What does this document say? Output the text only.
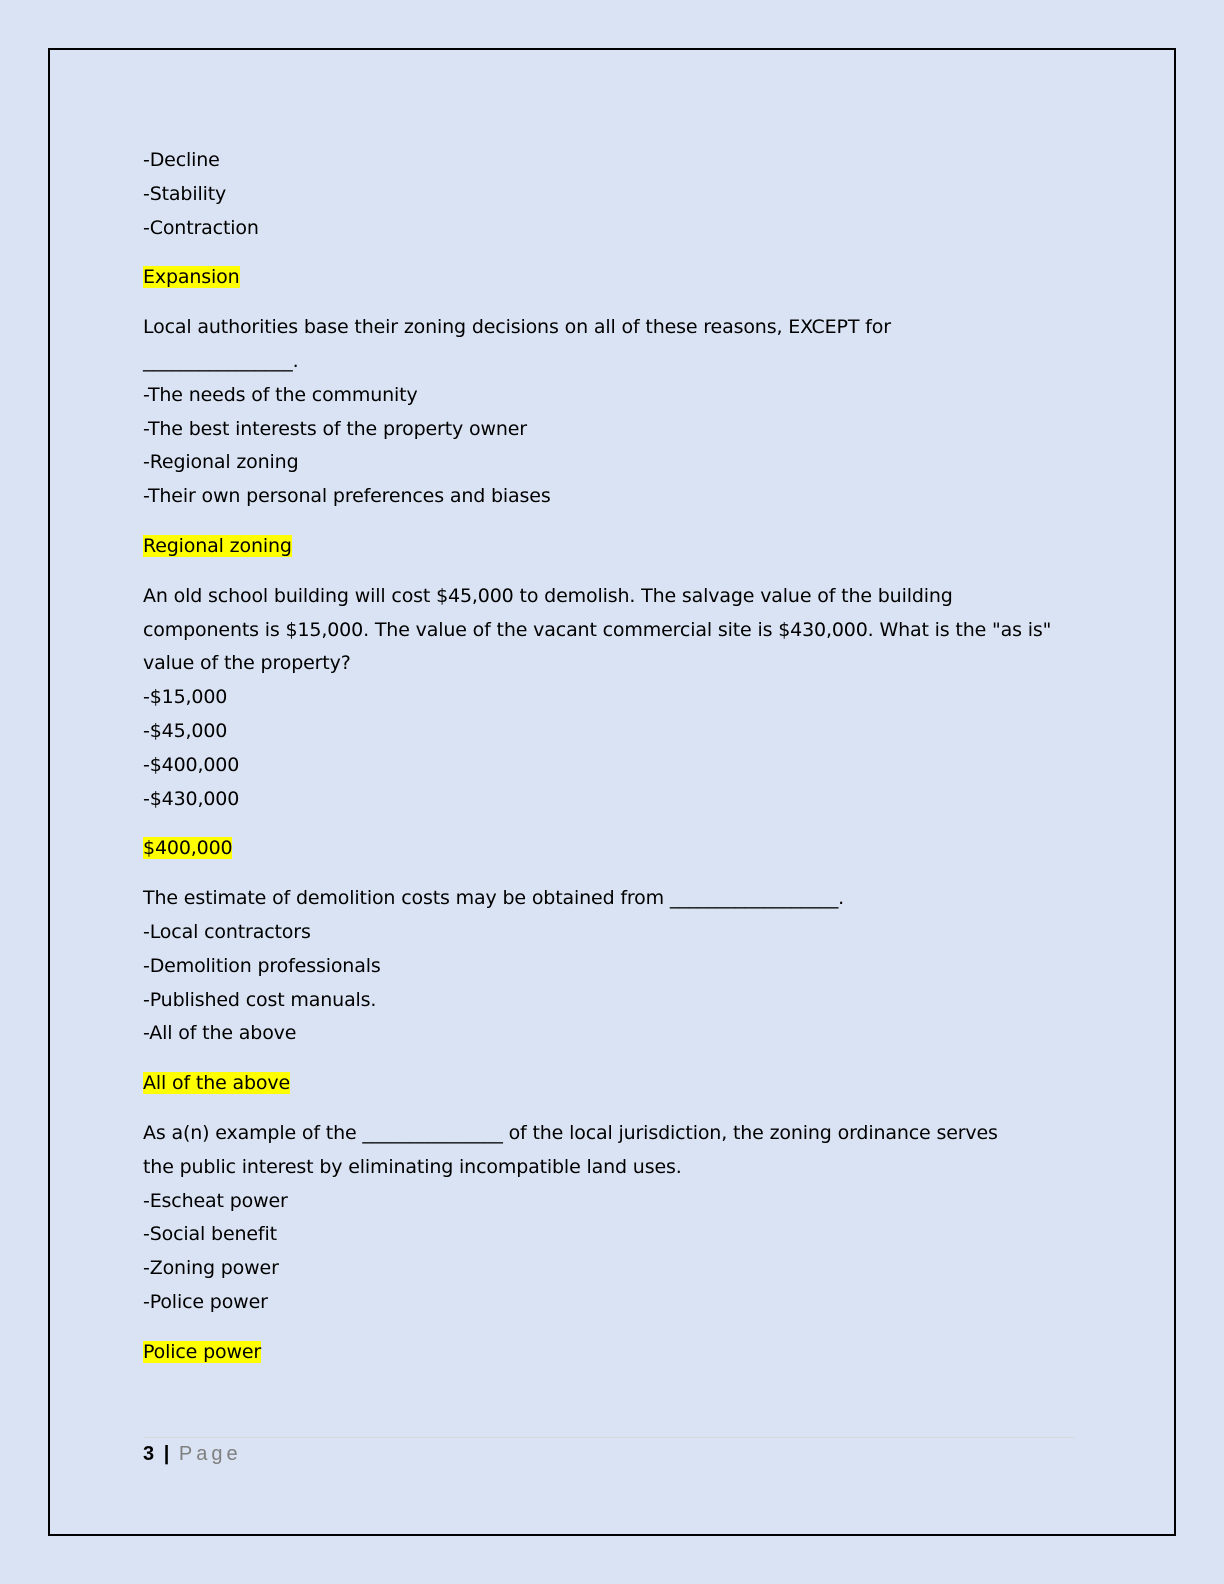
-Decline
-Stability
-Contraction
Expansion
Local authorities base their zoning decisions on all of these reasons, EXCEPT for
________________.
-The needs of the community
-The best interests of the property owner
-Regional zoning
-Their own personal preferences and biases
Regional zoning
An old school building will cost $45,000 to demolish. The salvage value of the building
components is $15,000. The value of the vacant commercial site is $430,000. What is the "as is"
value of the property?
-$15,000
-$45,000
-$400,000
-$430,000
$400,000
The estimate of demolition costs may be obtained from __________________.
-Local contractors
-Demolition professionals
-Published cost manuals.
-All of the above
All of the above
As a(n) example of the _______________ of the local jurisdiction, the zoning ordinance serves
the public interest by eliminating incompatible land uses.
-Escheat power
-Social benefit
-Zoning power
-Police power
Police power
3 | Page
